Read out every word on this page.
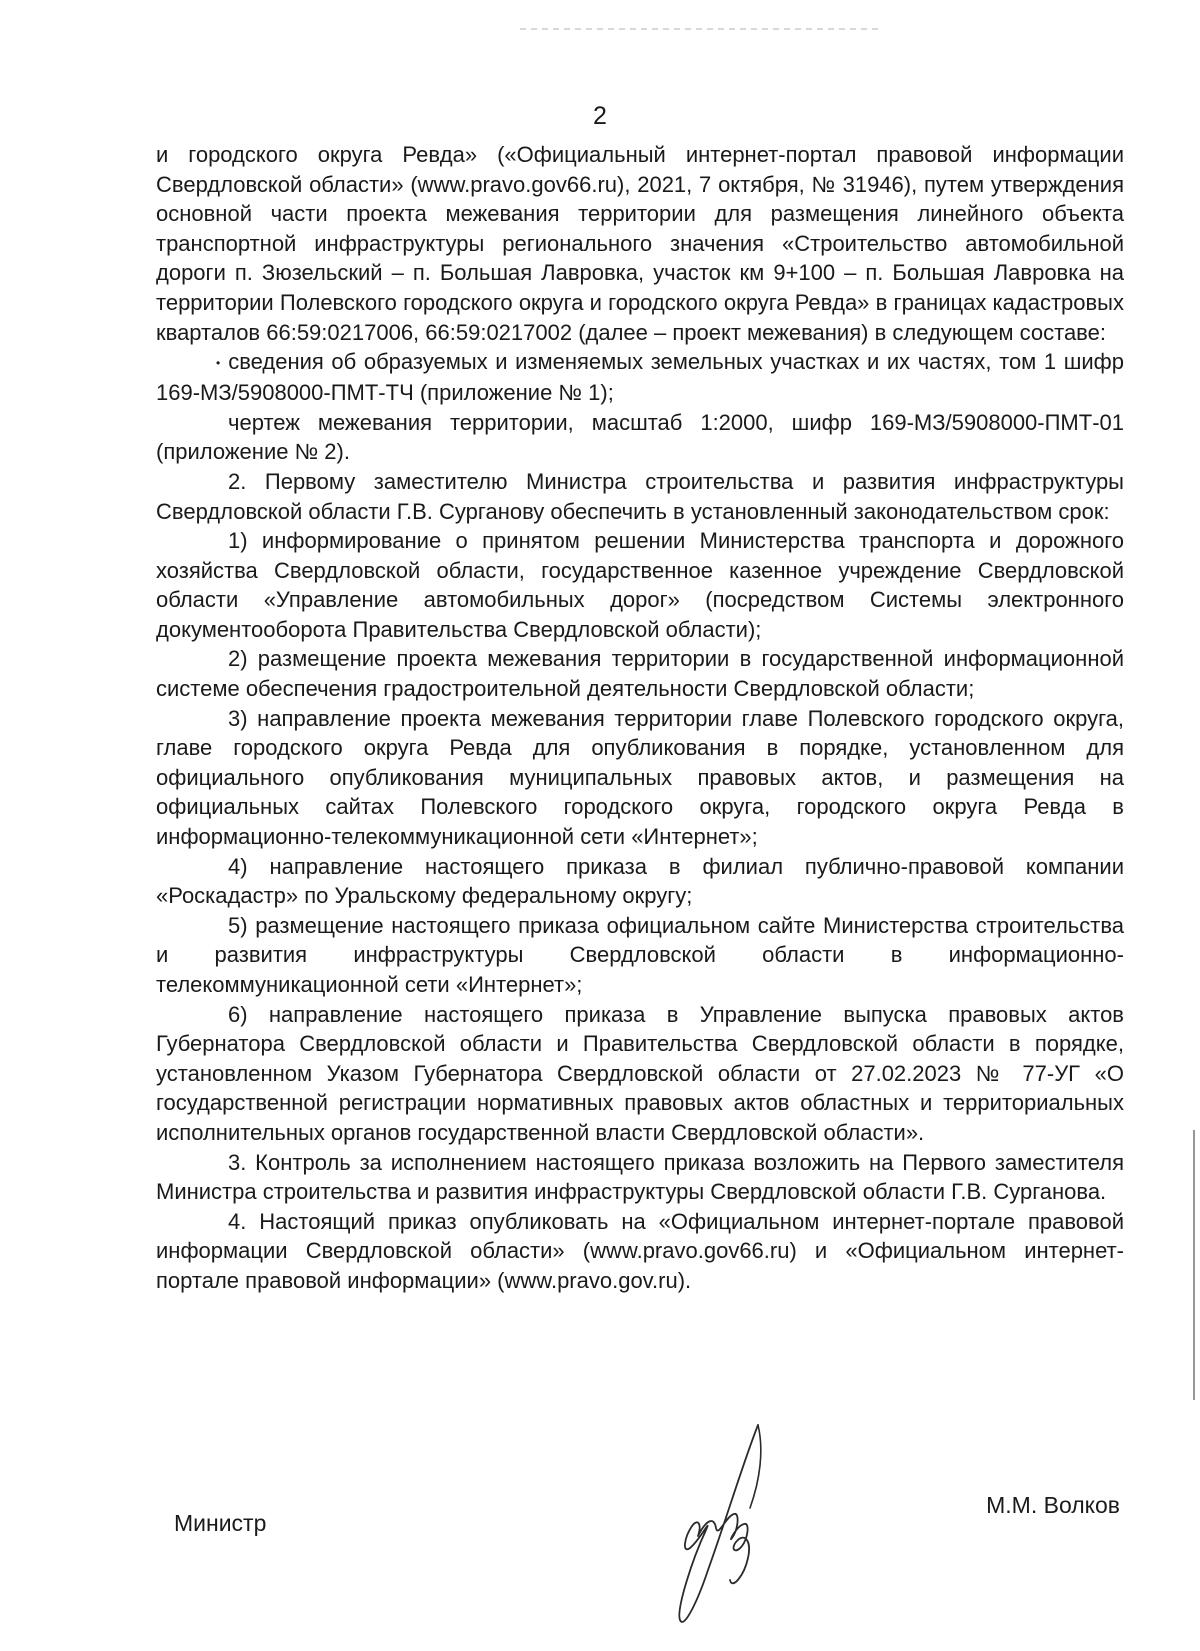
2

и городского округа Ревда» («Официальный интернет-портал правовой информации Свердловской области» (www.pravo.gov66.ru), 2021, 7 октября, № 31946), путем утверждения основной части проекта межевания территории для размещения линейного объекта транспортной инфраструктуры регионального значения «Строительство автомобильной дороги п. Зюзельский – п. Большая Лавровка, участок км 9+100 – п. Большая Лавровка на территории Полевского городского округа и городского округа Ревда» в границах кадастровых кварталов 66:59:0217006, 66:59:0217002 (далее – проект межевания) в следующем составе:

• сведения об образуемых и изменяемых земельных участках и их частях, том 1 шифр 169-МЗ/5908000-ПМТ-ТЧ (приложение № 1);

чертеж межевания территории, масштаб 1:2000, шифр 169-МЗ/5908000-ПМТ-01 (приложение № 2).

2. Первому заместителю Министра строительства и развития инфраструктуры Свердловской области Г.В. Сурганову обеспечить в установленный законодательством срок:

1) информирование о принятом решении Министерства транспорта и дорожного хозяйства Свердловской области, государственное казенное учреждение Свердловской области «Управление автомобильных дорог» (посредством Системы электронного документооборота Правительства Свердловской области);

2) размещение проекта межевания территории в государственной информационной системе обеспечения градостроительной деятельности Свердловской области;

3) направление проекта межевания территории главе Полевского городского округа, главе городского округа Ревда для опубликования в порядке, установленном для официального опубликования муниципальных правовых актов, и размещения на официальных сайтах Полевского городского округа, городского округа Ревда в информационно-телекоммуникационной сети «Интернет»;

4) направление настоящего приказа в филиал публично-правовой компании «Роскадастр» по Уральскому федеральному округу;

5) размещение настоящего приказа официальном сайте Министерства строительства и развития инфраструктуры Свердловской области в информационно-телекоммуникационной сети «Интернет»;

6) направление настоящего приказа в Управление выпуска правовых актов Губернатора Свердловской области и Правительства Свердловской области в порядке, установленном Указом Губернатора Свердловской области от 27.02.2023 № 77-УГ «О государственной регистрации нормативных правовых актов областных и территориальных исполнительных органов государственной власти Свердловской области».

3. Контроль за исполнением настоящего приказа возложить на Первого заместителя Министра строительства и развития инфраструктуры Свердловской области Г.В. Сурганова.

4. Настоящий приказ опубликовать на «Официальном интернет-портале правовой информации Свердловской области» (www.pravo.gov66.ru) и «Официальном интернет-портале правовой информации» (www.pravo.gov.ru).

Министр
М.М. Волков
